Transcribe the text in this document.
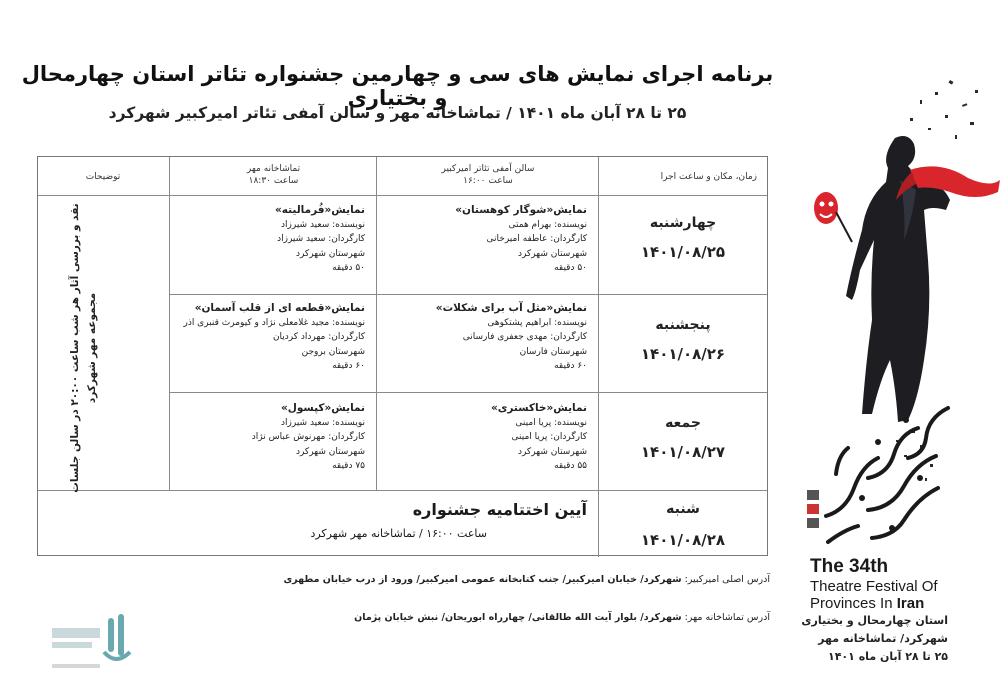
برنامه اجرای نمایش های سی و چهارمین جشنواره تئاتر استان چهارمحال و بختیاری
۲۵ تا ۲۸ آبان ماه ۱۴۰۱ / تماشاخانه مهر و سالن آمفی تئاتر امیرکبیر شهرکرد
زمان، مکان و ساعت اجرا
سالن آمفی تئاتر امیرکبیر
ساعت ۱۶:۰۰
تماشاخانه مهر
ساعت ۱۸:۳۰
توضیحات
چهارشنبه
۱۴۰۱/۰۸/۲۵
نمایش«شوگار کوهستان»
نویسنده: بهرام همتی
کارگردان: عاطفه امیرخانی
شهرستان شهرکرد
۵۰ دقیقه
نمایش«فُرمالیته»
نویسنده: سعید شیرزاد
کارگردان: سعید شیرزاد
شهرستان شهرکرد
۵۰ دقیقه
پنجشنبه
۱۴۰۱/۰۸/۲۶
نمایش«مثل آب برای شکلات»
نویسنده: ابراهیم پشتکوهی
کارگردان: مهدی جعفری فارسانی
شهرستان فارسان
۶۰ دقیقه
نمایش«قطعه ای از قلب آسمان»
نویسنده: مجید غلامعلی نژاد و کیومرث قنبری اذر
کارگردان: مهرداد کردیان
شهرستان بروجن
۶۰ دقیقه
جمعه
۱۴۰۱/۰۸/۲۷
نمایش«خاکستری»
نویسنده: پریا امینی
کارگردان: پریا امینی
شهرستان شهرکرد
۵۵ دقیقه
نمایش«کپسول»
نویسنده: سعید شیرزاد
کارگردان: مهرنوش عباس نژاد
شهرستان شهرکرد
۷۵ دقیقه
نقد و بررسی آثار هر شب ساعت ۲۰:۰۰ در سالن جلسات مجموعه مهر شهرکرد
شنبه
۱۴۰۱/۰۸/۲۸
آیین اختتامیه جشنواره
ساعت ۱۶:۰۰ / تماشاخانه مهر شهرکرد
آدرس اصلی امیرکبیر: شهرکرد/ خیابان امیرکبیر/ جنب کتابخانه عمومی امیرکبیر/ ورود از درب خیابان مطهری
آدرس تماشاخانه مهر: شهرکرد/ بلوار آیت الله طالقانی/ چهارراه ابوریحان/ نبش خیابان پژمان
The 34th
Theatre Festival Of
Provinces In Iran
استان چهارمحال و بختیاری
شهرکرد/ تماشاخانه مهر
۲۵ تا ۲۸ آبان ماه ۱۴۰۱
